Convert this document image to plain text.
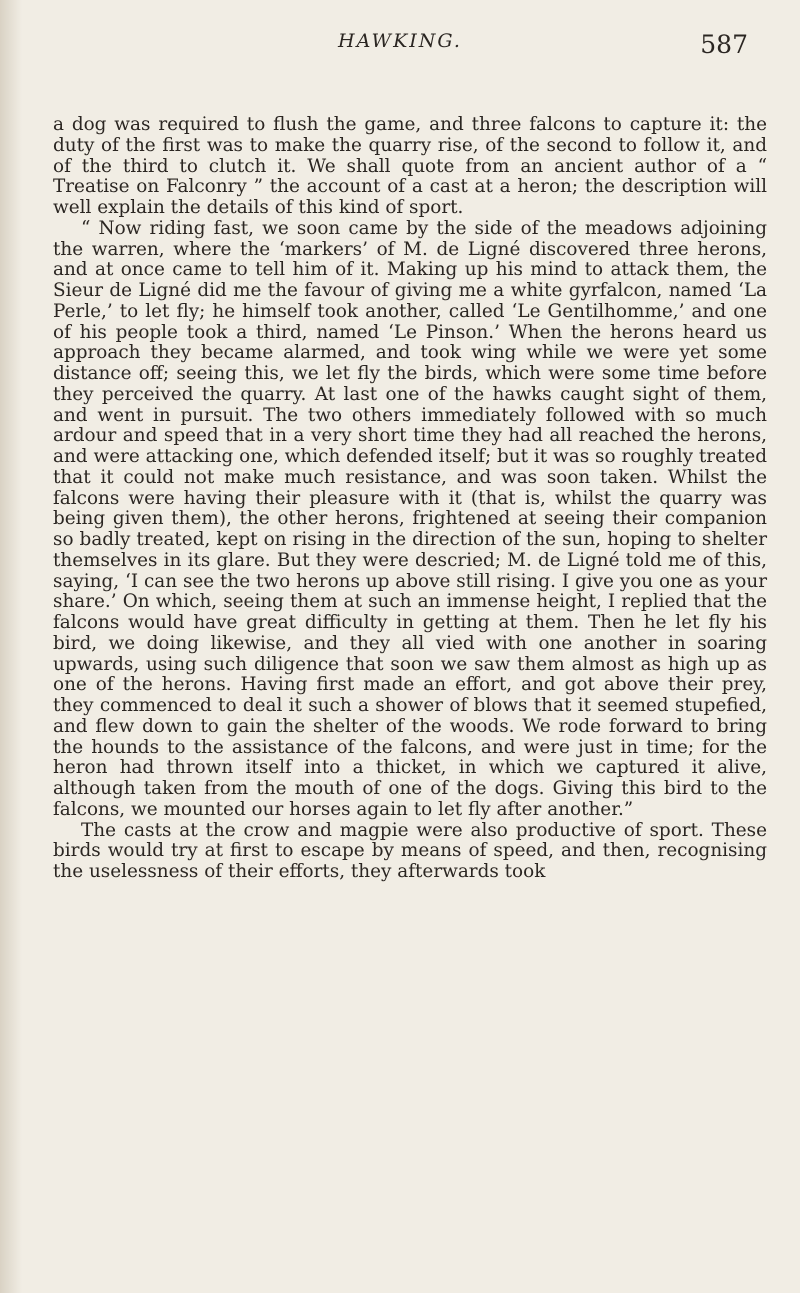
HAWKING.	587

a dog was required to flush the game, and three falcons to capture it: the duty of the first was to make the quarry rise, of the second to follow it, and of the third to clutch it. We shall quote from an ancient author of a “ Treatise on Falconry ” the account of a cast at a heron; the description will well explain the details of this kind of sport.

“ Now riding fast, we soon came by the side of the meadows adjoining the warren, where the ‘markers’ of M. de Ligné discovered three herons, and at once came to tell him of it. Making up his mind to attack them, the Sieur de Ligné did me the favour of giving me a white gyrfalcon, named ‘La Perle,’ to let fly; he himself took another, called ‘Le Gentilhomme,’ and one of his people took a third, named ‘Le Pinson.’ When the herons heard us approach they became alarmed, and took wing while we were yet some distance off; seeing this, we let fly the birds, which were some time before they perceived the quarry. At last one of the hawks caught sight of them, and went in pursuit. The two others immediately followed with so much ardour and speed that in a very short time they had all reached the herons, and were attacking one, which defended itself; but it was so roughly treated that it could not make much resistance, and was soon taken. Whilst the falcons were having their pleasure with it (that is, whilst the quarry was being given them), the other herons, frightened at seeing their companion so badly treated, kept on rising in the direction of the sun, hoping to shelter themselves in its glare. But they were descried; M. de Ligné told me of this, saying, ‘I can see the two herons up above still rising. I give you one as your share.’ On which, seeing them at such an immense height, I replied that the falcons would have great difficulty in getting at them. Then he let fly his bird, we doing likewise, and they all vied with one another in soaring upwards, using such diligence that soon we saw them almost as high up as one of the herons. Having first made an effort, and got above their prey, they commenced to deal it such a shower of blows that it seemed stupefied, and flew down to gain the shelter of the woods. We rode forward to bring the hounds to the assistance of the falcons, and were just in time; for the heron had thrown itself into a thicket, in which we captured it alive, although taken from the mouth of one of the dogs. Giving this bird to the falcons, we mounted our horses again to let fly after another.”

The casts at the crow and magpie were also productive of sport. These birds would try at first to escape by means of speed, and then, recognising the uselessness of their efforts, they afterwards took
